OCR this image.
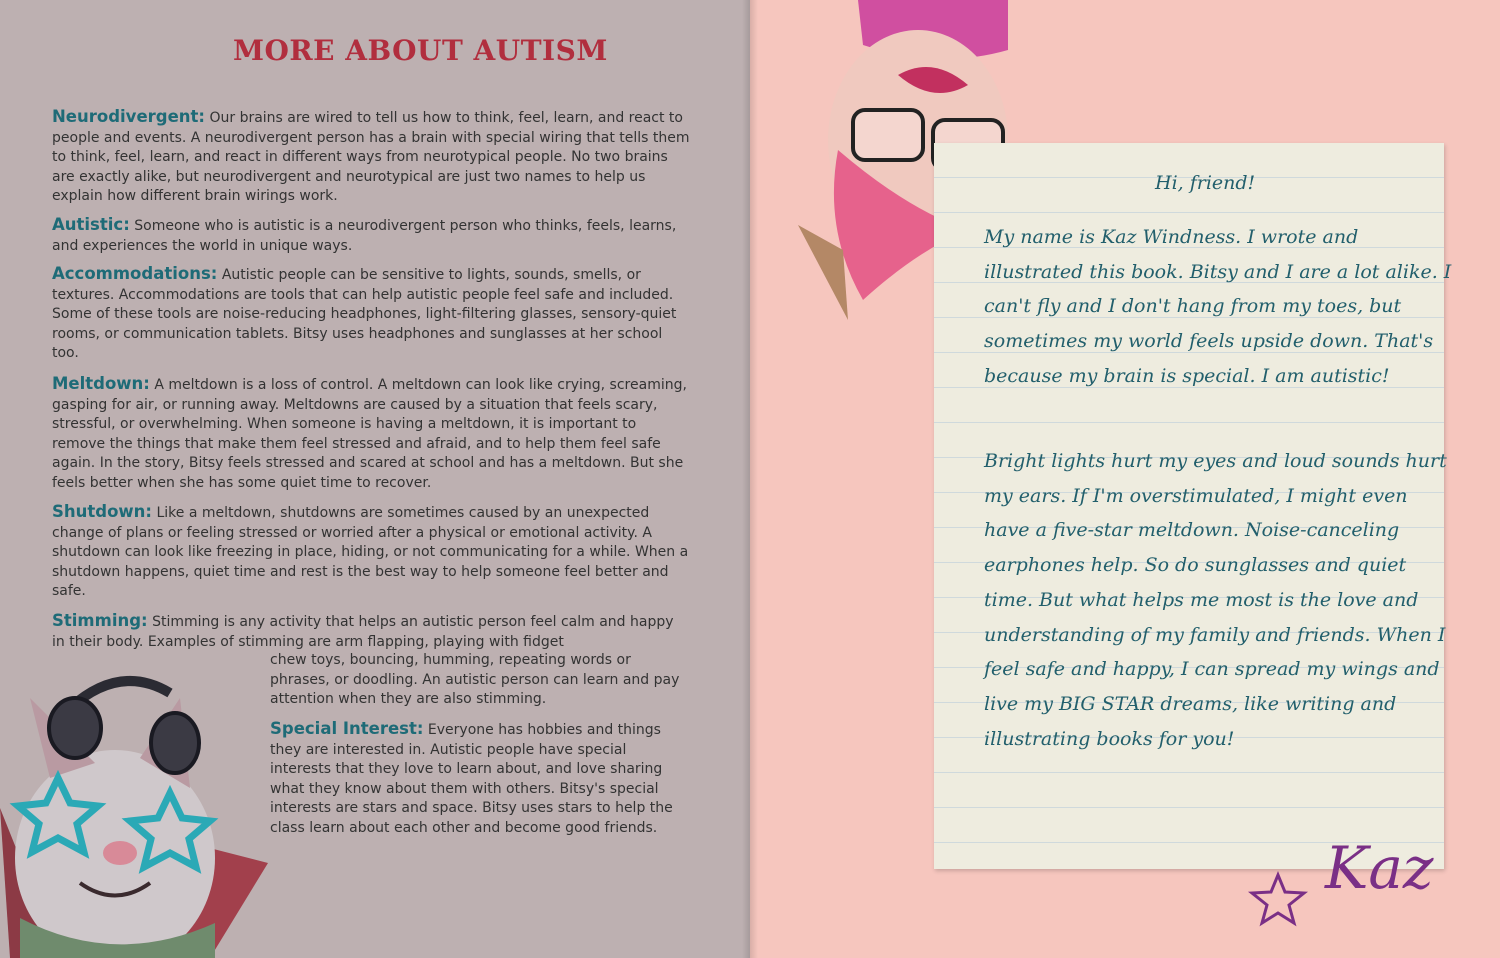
MORE ABOUT AUTISM

Neurodivergent: Our brains are wired to tell us how to think, feel, learn, and react to people and events. A neurodivergent person has a brain with special wiring that tells them to think, feel, learn, and react in different ways from neurotypical people. No two brains are exactly alike, but neurodivergent and neurotypical are just two names to help us explain how different brain wirings work.

Autistic: Someone who is autistic is a neurodivergent person who thinks, feels, learns, and experiences the world in unique ways.

Accommodations: Autistic people can be sensitive to lights, sounds, smells, or textures. Accommodations are tools that can help autistic people feel safe and included. Some of these tools are noise-reducing headphones, light-filtering glasses, sensory-quiet rooms, or communication tablets. Bitsy uses headphones and sunglasses at her school too.

Meltdown: A meltdown is a loss of control. A meltdown can look like crying, screaming, gasping for air, or running away. Meltdowns are caused by a situation that feels scary, stressful, or overwhelming. When someone is having a meltdown, it is important to remove the things that make them feel stressed and afraid, and to help them feel safe again. In the story, Bitsy feels stressed and scared at school and has a meltdown. But she feels better when she has some quiet time to recover.

Shutdown: Like a meltdown, shutdowns are sometimes caused by an unexpected change of plans or feeling stressed or worried after a physical or emotional activity. A shutdown can look like freezing in place, hiding, or not communicating for a while. When a shutdown happens, quiet time and rest is the best way to help someone feel better and safe.

Stimming: Stimming is any activity that helps an autistic person feel calm and happy in their body. Examples of stimming are arm flapping, playing with fidget

chew toys, bouncing, humming, repeating words or phrases, or doodling. An autistic person can learn and pay attention when they are also stimming.

Special Interest: Everyone has hobbies and things they are interested in. Autistic people have special interests that they love to learn about, and love sharing what they know about them with others. Bitsy's special interests are stars and space. Bitsy uses stars to help the class learn about each other and become good friends.

Hi, friend!

My name is Kaz Windness. I wrote and illustrated this book. Bitsy and I are a lot alike. I can't fly and I don't hang from my toes, but sometimes my world feels upside down. That's because my brain is special. I am autistic!

Bright lights hurt my eyes and loud sounds hurt my ears. If I'm overstimulated, I might even have a five-star meltdown. Noise-canceling earphones help. So do sunglasses and quiet time. But what helps me most is the love and understanding of my family and friends. When I feel safe and happy, I can spread my wings and live my BIG STAR dreams, like writing and illustrating books for you!

Kaz
